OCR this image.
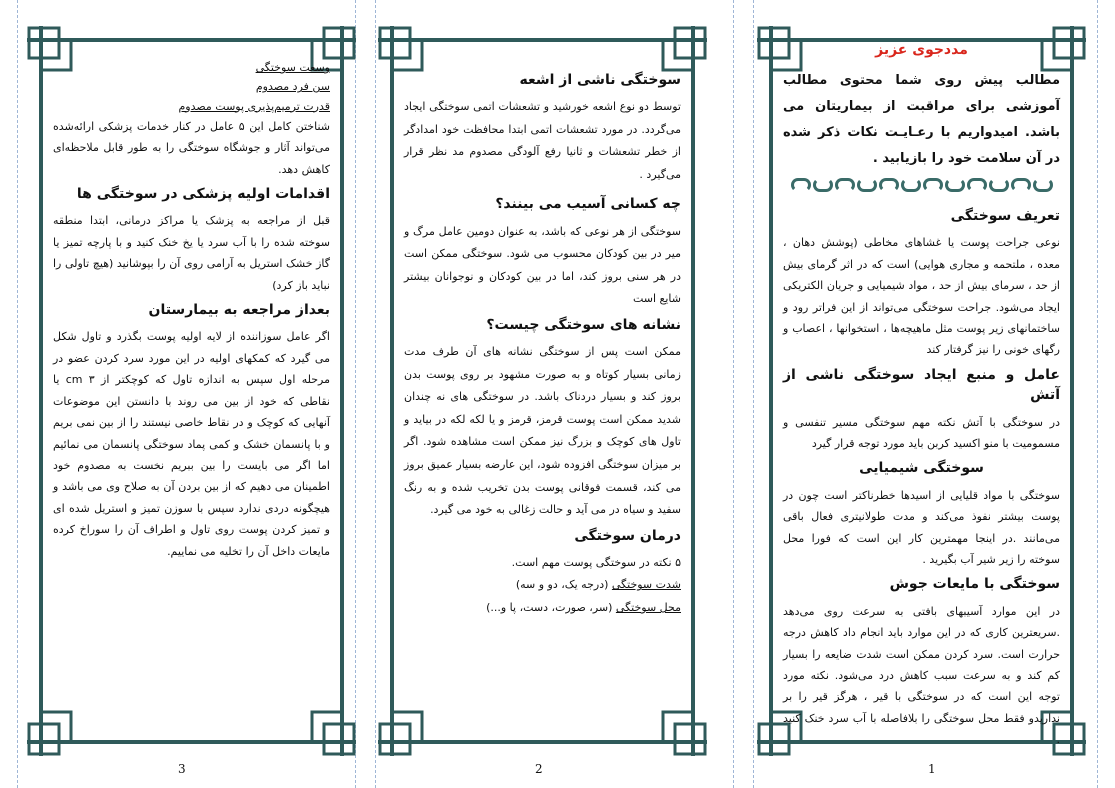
وسعت سوختگی

سن فرد مصدوم

قدرت ترمیم‌پذیری پوست مصدوم

شناختن کامل این ۵ عامل در کنار خدمات پزشکی ارائه‌شده می‌تواند آثار و جوشگاه سوختگی را به طور قابل ملاحظه‌ای کاهش دهد.

اقدامات اولیه پزشکی در سوختگی ها

قبل از مراجعه به پزشک یا مراکز درمانی، ابتدا منطقه سوخته شده را با آب سرد یا یخ خنک کنید و با پارچه تمیز یا گاز خشک استریل به آرامی روی آن را بپوشانید (هیچ تاولی را نباید باز کرد)

بعداز مراجعه به بیمارستان

اگر عامل سوزاننده از لایه اولیه پوست بگذرد و تاول شکل می گیرد که کمکهای اولیه در این مورد سرد کردن عضو در مرحله اول سپس به اندازه تاول که کوچکتر از ۳ cm یا نقاطی که خود از بین می روند با دانستن این موضوعات آنهایی که کوچک و در نقاط خاصی نیستند را از بین نمی بریم و با پانسمان خشک و کمی پماد سوختگی پانسمان می نمائیم اما اگر می بایست را بین ببریم نخست به مصدوم خود اطمینان می دهیم که از بین بردن آن به صلاح وی می باشد و هیچگونه دردی ندارد سپس با سوزن تمیز و استریل شده ای و تمیز کردن پوست روی تاول و اطراف آن را سوراخ کرده مایعات داخل آن را تخلیه می نماییم.

سوختگی ناشی از اشعه

توسط دو نوع اشعه خورشید و تشعشات اتمی سوختگی ایجاد می‌گردد. در مورد تشعشات اتمی ابتدا محافظت خود امدادگر از خطر تشعشات و ثانیا رفع آلودگی مصدوم مد نظر قرار می‌گیرد .

چه کسانی آسیب می بینند؟

سوختگی از هر نوعی که باشد، به عنوان دومین عامل مرگ و میر در بین کودکان محسوب می شود. سوختگی ممکن است در هر سنی بروز کند، اما در بین کودکان و نوجوانان بیشتر شایع است

نشانه های سوختگی چیست؟

ممکن است پس از سوختگی نشانه های آن طرف مدت زمانی بسیار کوتاه و به صورت مشهود بر روی پوست بدن بروز کند و بسیار دردناک باشد. در سوختگی های نه چندان شدید ممکن است پوست قرمز، قرمز و یا لکه لکه در بیاید و تاول های کوچک و بزرگ نیز ممکن است مشاهده شود. اگر بر میزان سوختگی افزوده شود، این عارضه بسیار عمیق بروز می کند، قسمت فوقانی پوست بدن تخریب شده و به رنگ سفید و سیاه در می آید و حالت زغالی به خود می گیرد.

درمان سوختگی

۵ نکته در سوختگی پوست مهم است.

شدت سوختگی (درجه یک، دو و سه)

محل سوختگی (سر، صورت، دست، پا و...)

مددجوی عزیز

مطالب پیش روی شما محتوی مطالب آموزشی برای مراقبت از بیماریتان می باشد. امیدواریم با رعـایـت نکات ذکر شده در آن سلامت خود را بازیابید .

تعریف سوختگی

نوعی جراحت پوست یا غشاهای مخاطی (پوشش دهان ، معده ، ملتحمه و مجاری هوایی) است که در اثر گرمای بیش از حد ، سرمای بیش از حد ، مواد شیمیایی و جریان الکتریکی ایجاد می‌شود. جراحت سوختگی می‌تواند از این فراتر رود و ساختمانهای زیر پوست مثل ماهیچه‌ها ، استخوانها ، اعصاب و رگهای خونی را نیز گرفتار کند

عامل و منبع ایجاد سوختگی ناشی از آتش

در سوختگی با آتش نکته مهم سوختگی مسیر تنفسی و مسمومیت با منو اکسید کربن باید مورد توجه قرار گیرد

سوختگی شیمیایی

سوختگی با مواد قلیایی از اسیدها خطرناکتر است چون در پوست بیشتر نفوذ می‌کند و مدت طولانیتری فعال باقی می‌مانند .در اینجا مهمترین کار این است که فورا محل سوخته را زیر شیر آب بگیرید .

سوختگی با مایعات جوش

در این موارد آسیبهای بافتی به سرعت روی می‌دهد .سریعترین کاری که در این موارد باید انجام داد کاهش درجه حرارت است. سرد کردن ممکن است شدت ضایعه را بسیار کم کند و به سرعت سبب کاهش درد می‌شود. نکته مورد توجه این است که در سوختگی با قیر ، هرگز قیر را بر نداریدو فقط محل سوختگی را بلافاصله با آب سرد خنک کنید .

3	2	1
